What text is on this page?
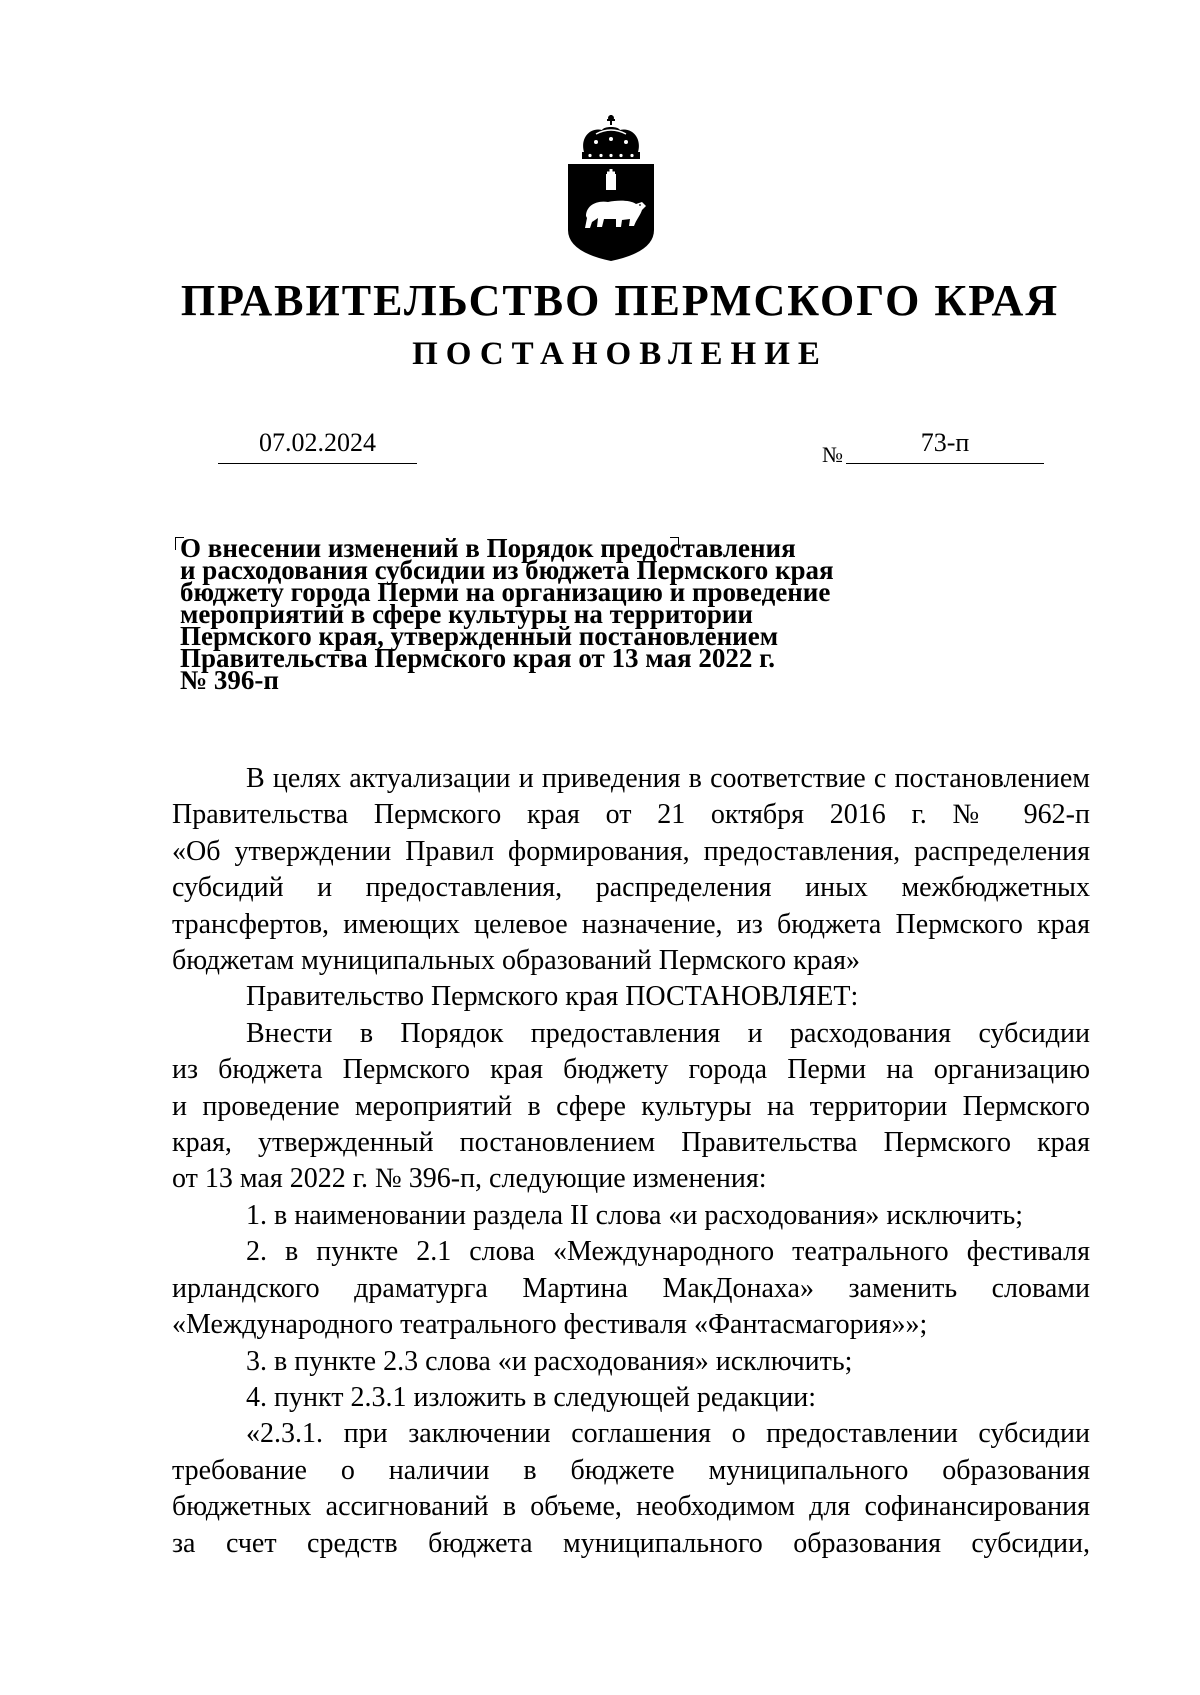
ПРАВИТЕЛЬСТВО ПЕРМСКОГО КРАЯ
ПОСТАНОВЛЕНИЕ
07.02.2024	№	73-п
О внесении изменений в Порядок предоставления
и расходования субсидии из бюджета Пермского края
бюджету города Перми на организацию и проведение
мероприятий в сфере культуры на территории
Пермского края, утвержденный постановлением
Правительства Пермского края от 13 мая 2022 г.
№ 396-п
В целях актуализации и приведения в соответствие с постановлением
Правительства Пермского края от 21 октября 2016 г. № 962-п
«Об утверждении Правил формирования, предоставления, распределения
субсидий и предоставления, распределения иных межбюджетных
трансфертов, имеющих целевое назначение, из бюджета Пермского края
бюджетам муниципальных образований Пермского края»
Правительство Пермского края ПОСТАНОВЛЯЕТ:
Внести в Порядок предоставления и расходования субсидии
из бюджета Пермского края бюджету города Перми на организацию
и проведение мероприятий в сфере культуры на территории Пермского
края, утвержденный постановлением Правительства Пермского края
от 13 мая 2022 г. № 396-п, следующие изменения:
1. в наименовании раздела II слова «и расходования» исключить;
2. в пункте 2.1 слова «Международного театрального фестиваля
ирландского драматурга Мартина МакДонаха» заменить словами
«Международного театрального фестиваля «Фантасмагория»»;
3. в пункте 2.3 слова «и расходования» исключить;
4. пункт 2.3.1 изложить в следующей редакции:
«2.3.1. при заключении соглашения о предоставлении субсидии
требование о наличии в бюджете муниципального образования
бюджетных ассигнований в объеме, необходимом для софинансирования
за счет средств бюджета муниципального образования субсидии,
